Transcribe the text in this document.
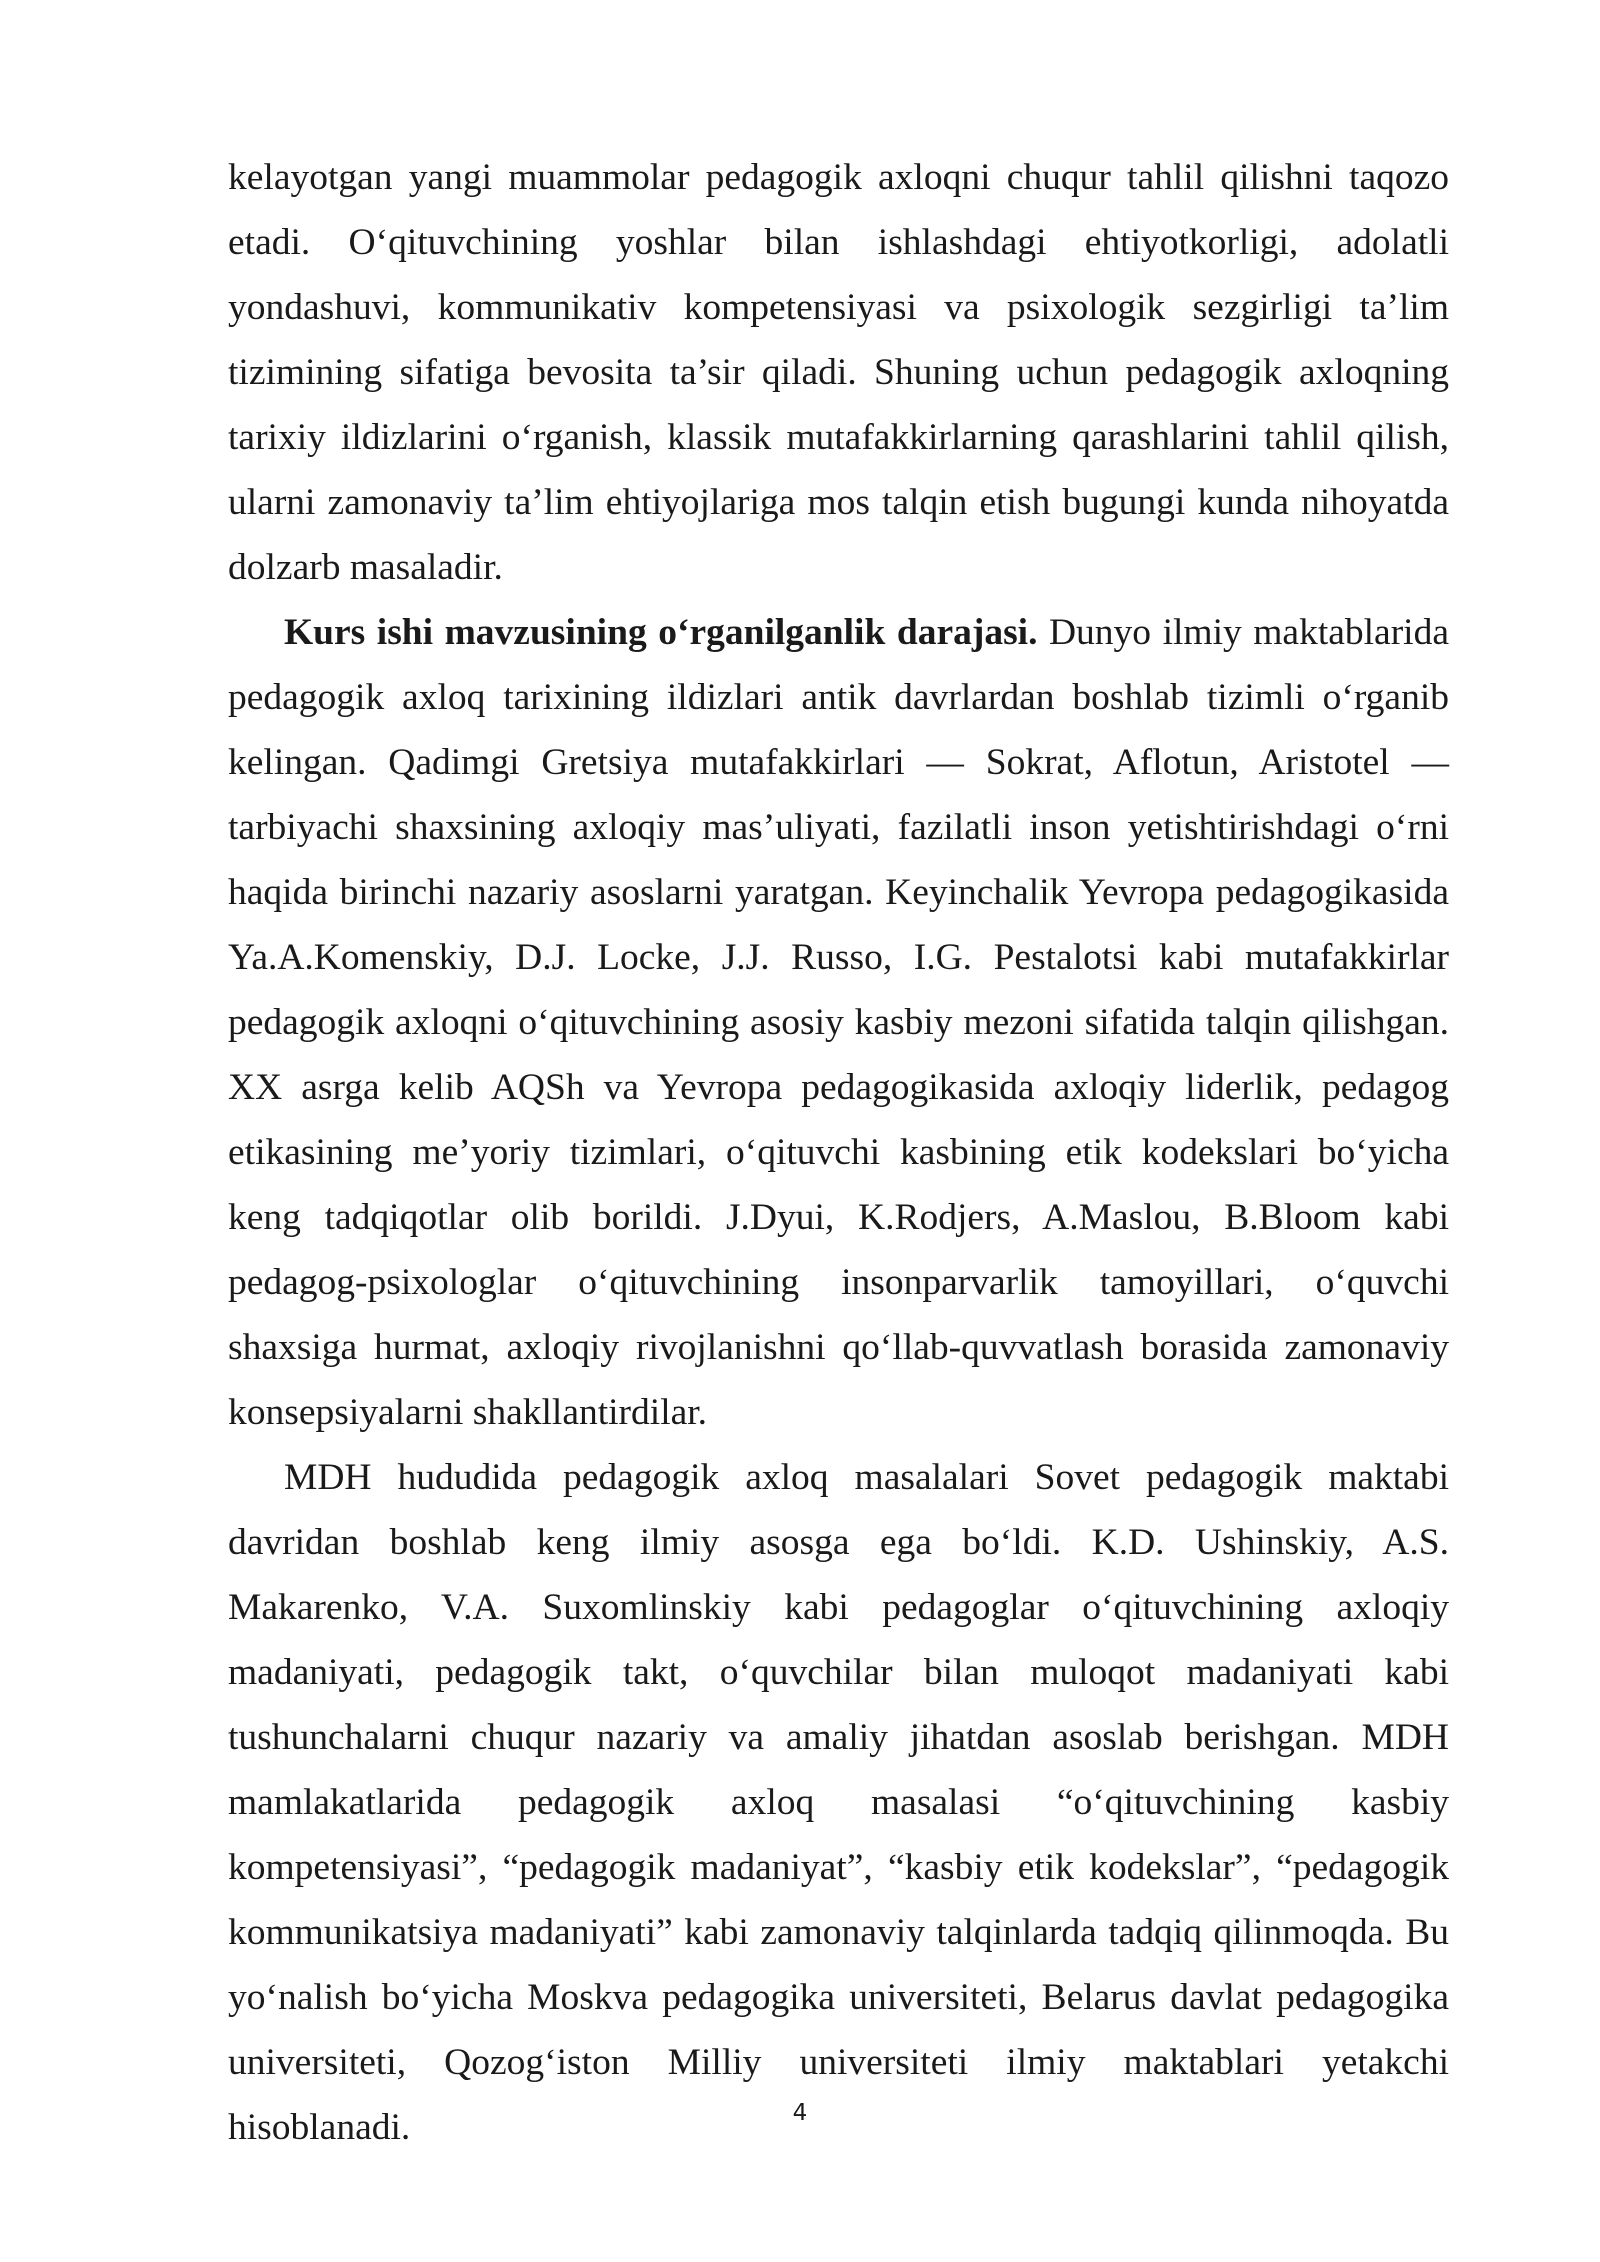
kelayotgan yangi muammolar pedagogik axloqni chuqur tahlil qilishni taqozo etadi. O‘qituvchining yoshlar bilan ishlashdagi ehtiyotkorligi, adolatli yondashuvi, kommunikativ kompetensiyasi va psixologik sezgirligi ta’lim tizimining sifatiga bevosita ta’sir qiladi. Shuning uchun pedagogik axloqning tarixiy ildizlarini o‘rganish, klassik mutafakkirlarning qarashlarini tahlil qilish, ularni zamonaviy ta’lim ehtiyojlariga mos talqin etish bugungi kunda nihoyatda dolzarb masaladir.

Kurs ishi mavzusining o‘rganilganlik darajasi. Dunyo ilmiy maktablarida pedagogik axloq tarixining ildizlari antik davrlardan boshlab tizimli o‘rganib kelingan. Qadimgi Gretsiya mutafakkirlari — Sokrat, Aflotun, Aristotel — tarbiyachi shaxsining axloqiy mas’uliyati, fazilatli inson yetishtirishdagi o‘rni haqida birinchi nazariy asoslarni yaratgan. Keyinchalik Yevropa pedagogikasida Ya.A.Komenskiy, D.J. Locke, J.J. Russo, I.G. Pestalotsi kabi mutafakkirlar pedagogik axloqni o‘qituvchining asosiy kasbiy mezoni sifatida talqin qilishgan. XX asrga kelib AQSh va Yevropa pedagogikasida axloqiy liderlik, pedagog etikasining me’yoriy tizimlari, o‘qituvchi kasbining etik kodekslari bo‘yicha keng tadqiqotlar olib borildi. J.Dyui, K.Rodjers, A.Maslou, B.Bloom kabi pedagog-psixologlar o‘qituvchining insonparvarlik tamoyillari, o‘quvchi shaxsiga hurmat, axloqiy rivojlanishni qo‘llab-quvvatlash borasida zamonaviy konsepsiyalarni shakllantirdilar.

MDH hududida pedagogik axloq masalalari Sovet pedagogik maktabi davridan boshlab keng ilmiy asosga ega bo‘ldi. K.D. Ushinskiy, A.S. Makarenko, V.A. Suxomlinskiy kabi pedagoglar o‘qituvchining axloqiy madaniyati, pedagogik takt, o‘quvchilar bilan muloqot madaniyati kabi tushunchalarni chuqur nazariy va amaliy jihatdan asoslab berishgan. MDH mamlakatlarida pedagogik axloq masalasi “o‘qituvchining kasbiy kompetensiyasi”, “pedagogik madaniyat”, “kasbiy etik kodekslar”, “pedagogik kommunikatsiya madaniyati” kabi zamonaviy talqinlarda tadqiq qilinmoqda. Bu yo‘nalish bo‘yicha Moskva pedagogika universiteti, Belarus davlat pedagogika universiteti, Qozog‘iston Milliy universiteti ilmiy maktablari yetakchi hisoblanadi.	4
